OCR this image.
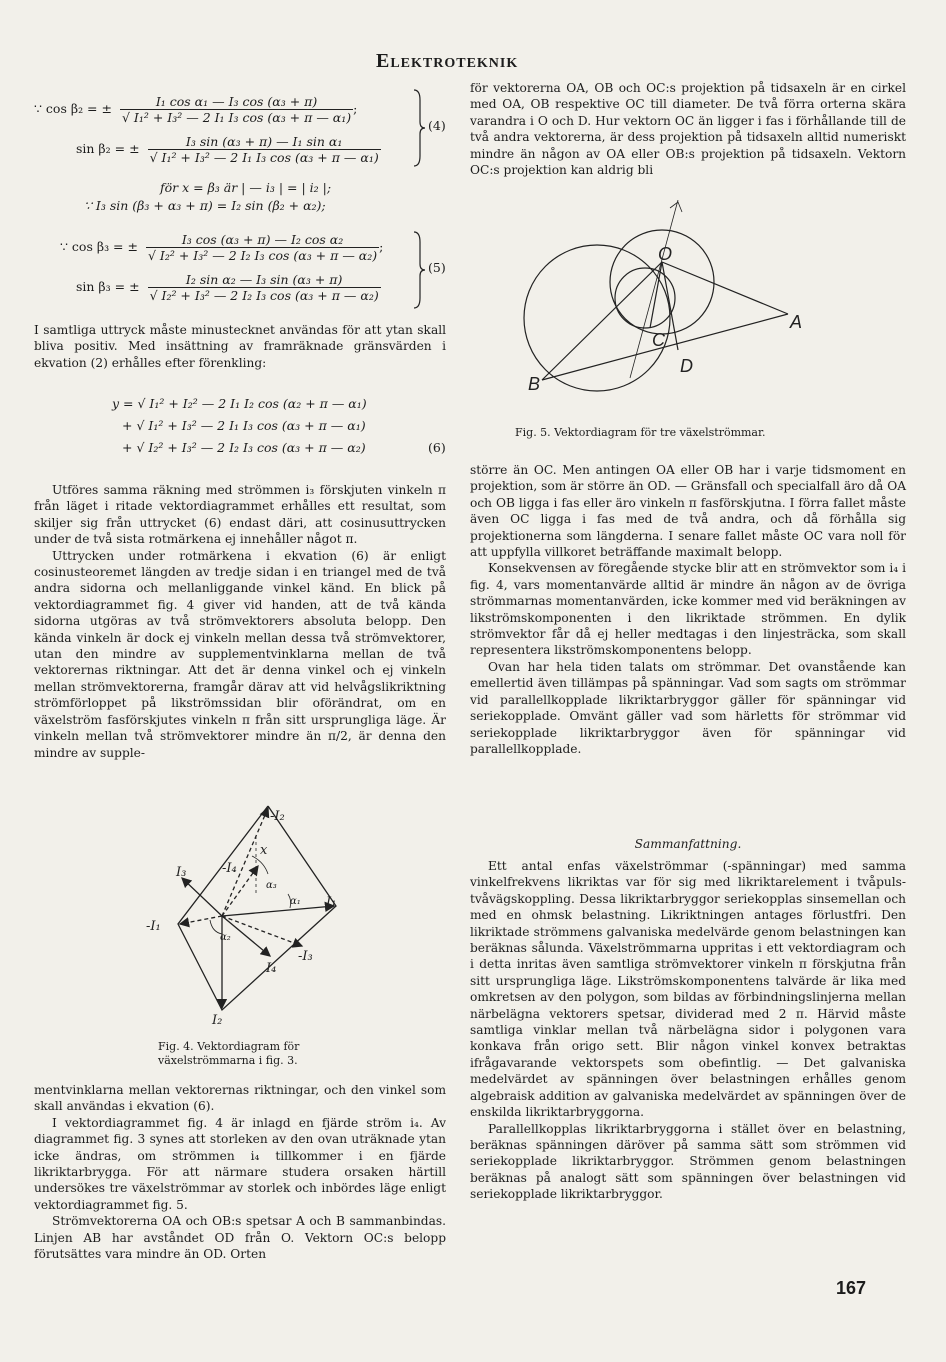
Elektroteknik
∵ cos β₂ = ± $\frac{\text{I₁ cos α₁ — I₃ cos (α₃ + π)}}{\text{√ I₁² + I₃² — 2 I₁ I₃ cos (α₃ + π — α₁)}}$ ;
sin β₂ = ± $\frac{\text{I₃ sin (α₃ + π) — I₁ sin α₁}}{\text{√ I₁² + I₃² — 2 I₁ I₃ cos (α₃ + π — α₁)}}$
(4)
för x = β₃ är | — i₃ | = | i₂ |;
∵ I₃ sin (β₃ + α₃ + π) = I₂ sin (β₂ + α₂);
∵ cos β₃ = ± $\frac{\text{I₃ cos (α₃ + π) — I₂ cos α₂}}{\text{√ I₂² + I₃² — 2 I₂ I₃ cos (α₃ + π — α₂)}}$ ;
sin β₃ = ± $\frac{\text{I₂ sin α₂ — I₃ sin (α₃ + π)}}{\text{√ I₂² + I₃² — 2 I₂ I₃ cos (α₃ + π — α₂)}}$
(5)

I samtliga uttryck måste minustecknet användas för att ytan skall bliva positiv. Med insättning av framräknade gränsvärden i ekvation (2) erhålles efter förenkling:

y = √ I₁² + I₂² — 2 I₁ I₂ cos (α₂ + π — α₁)
+ √ I₁² + I₃² — 2 I₁ I₃ cos (α₃ + π — α₁)
+ √ I₂² + I₃² — 2 I₂ I₃ cos (α₃ + π — α₂)	(6)

Utföres samma räkning med strömmen i₃ förskjuten vinkeln π från läget i ritade vektordiagrammet erhålles ett resultat, som skiljer sig från uttrycket (6) endast däri, att cosinusuttrycken under de två sista rotmärkena ej innehåller något π.

Uttrycken under rotmärkena i ekvation (6) är enligt cosinusteoremet längden av tredje sidan i en triangel med de två andra sidorna och mellanliggande vinkel känd. En blick på vektordiagrammet fig. 4 giver vid handen, att de två kända sidorna utgöras av två strömvektorers absoluta belopp. Den kända vinkeln är dock ej vinkeln mellan dessa två strömvektorer, utan den mindre av supplementvinklarna mellan de två vektorernas riktningar. Att det är denna vinkel och ej vinkeln mellan strömvektorerna, framgår därav att vid helvågslikriktning strömförloppet på likströmssidan blir oförändrat, om en växelström fasförskjutes vinkeln π från sitt ursprungliga läge. Är vinkeln mellan två strömvektorer mindre än π/2, är denna den mindre av supple-

-I₂
I₂
I₁
-I₁
I₃
-I₃
-I₄
I₄
x
α₁
α₂
α₃
Fig. 4. Vektordiagram för växelströmmarna i fig. 3.

mentvinklarna mellan vektorernas riktningar, och den vinkel som skall användas i ekvation (6).

I vektordiagrammet fig. 4 är inlagd en fjärde ström i₄. Av diagrammet fig. 3 synes att storleken av den ovan uträknade ytan icke ändras, om strömmen i₄ tillkommer i en fjärde likriktarbrygga. För att närmare studera orsaken härtill undersökes tre växelströmmar av storlek och inbördes läge enligt vektordiagrammet fig. 5.

Strömvektorerna OA och OB:s spetsar A och B sammanbindas. Linjen AB har avståndet OD från O. Vektorn OC:s belopp förutsättes vara mindre än OD. Orten

för vektorerna OA, OB och OC:s projektion på tidsaxeln är en cirkel med OA, OB respektive OC till diameter. De två förra orterna skära varandra i O och D. Hur vektorn OC än ligger i fas i förhållande till de två andra vektorerna, är dess projektion på tidsaxeln alltid numeriskt mindre än någon av OA eller OB:s projektion på tidsaxeln. Vektorn OC:s projektion kan aldrig bli

O
A
B
C
D
Fig. 5. Vektordiagram för tre växelströmmar.

större än OC. Men antingen OA eller OB har i varje tidsmoment en projektion, som är större än OD. — Gränsfall och specialfall äro då OA och OB ligga i fas eller äro vinkeln π fasförskjutna. I förra fallet måste även OC ligga i fas med de två andra, och då förhålla sig projektionerna som längderna. I senare fallet måste OC vara noll för att uppfylla villkoret beträffande maximalt belopp.

Konsekvensen av föregående stycke blir att en strömvektor som i₄ i fig. 4, vars momentanvärde alltid är mindre än någon av de övriga strömmarnas momentanvärden, icke kommer med vid beräkningen av likströmskomponenten i den likriktade strömmen. En dylik strömvektor får då ej heller medtagas i den linjesträcka, som skall representera likströmskomponentens belopp.

Ovan har hela tiden talats om strömmar. Det ovanstående kan emellertid även tillämpas på spänningar. Vad som sagts om strömmar vid parallellkopplade likriktarbryggor gäller för spänningar vid seriekopplade. Omvänt gäller vad som härletts för strömmar vid seriekopplade likriktarbryggor även för spänningar vid parallellkopplade.

Sammanfattning.

Ett antal enfas växelströmmar (-spänningar) med samma vinkelfrekvens likriktas var för sig med likriktarelement i tvåpuls-tvåvägskoppling. Dessa likriktarbryggor seriekopplas sinsemellan och med en ohmsk belastning. Likriktningen antages förlustfri. Den likriktade strömmens galvaniska medelvärde genom belastningen kan beräknas sålunda. Växelströmmarna uppritas i ett vektordiagram och i detta inritas även samtliga strömvektorer vinkeln π förskjutna från sitt ursprungliga läge. Likströmskomponentens talvärde är lika med omkretsen av den polygon, som bildas av förbindningslinjerna mellan närbelägna vektorers spetsar, dividerad med 2 π. Härvid måste samtliga vinklar mellan två närbelägna sidor i polygonen vara konkava från origo sett. Blir någon vinkel konvex betraktas ifrågavarande vektorspets som obefintlig. — Det galvaniska medelvärdet av spänningen över belastningen erhålles genom algebraisk addition av galvaniska medelvärdet av spänningen över de enskilda likriktarbryggorna.

Parallellkopplas likriktarbryggorna i stället över en belastning, beräknas spänningen däröver på samma sätt som strömmen vid seriekopplade likriktarbryggor. Strömmen genom belastningen beräknas på analogt sätt som spänningen över belastningen vid seriekopplade likriktarbryggor.

167
